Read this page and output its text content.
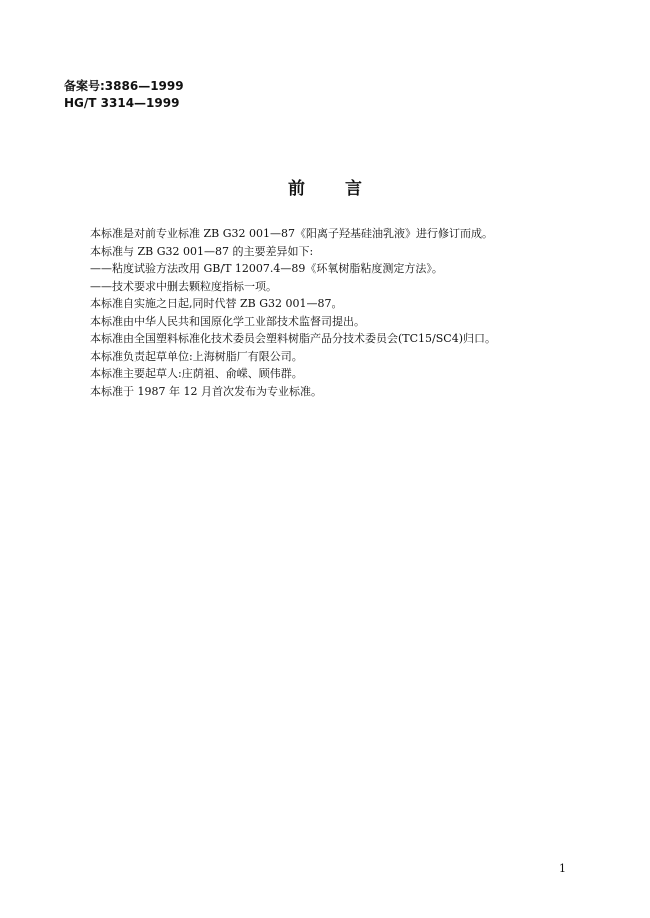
备案号:3886—1999
HG/T 3314—1999
前言
本标准是对前专业标准 ZB G32 001—87《阳离子羟基硅油乳液》进行修订而成。
本标准与 ZB G32 001—87 的主要差异如下:
——粘度试验方法改用 GB/T 12007.4—89《环氧树脂粘度测定方法》。
——技术要求中删去颗粒度指标一项。
本标准自实施之日起,同时代替 ZB G32 001—87。
本标准由中华人民共和国原化学工业部技术监督司提出。
本标准由全国塑料标准化技术委员会塑料树脂产品分技术委员会(TC15/SC4)归口。
本标准负责起草单位:上海树脂厂有限公司。
本标准主要起草人:庄荫祖、俞嵘、顾伟群。
本标准于 1987 年 12 月首次发布为专业标准。
1
